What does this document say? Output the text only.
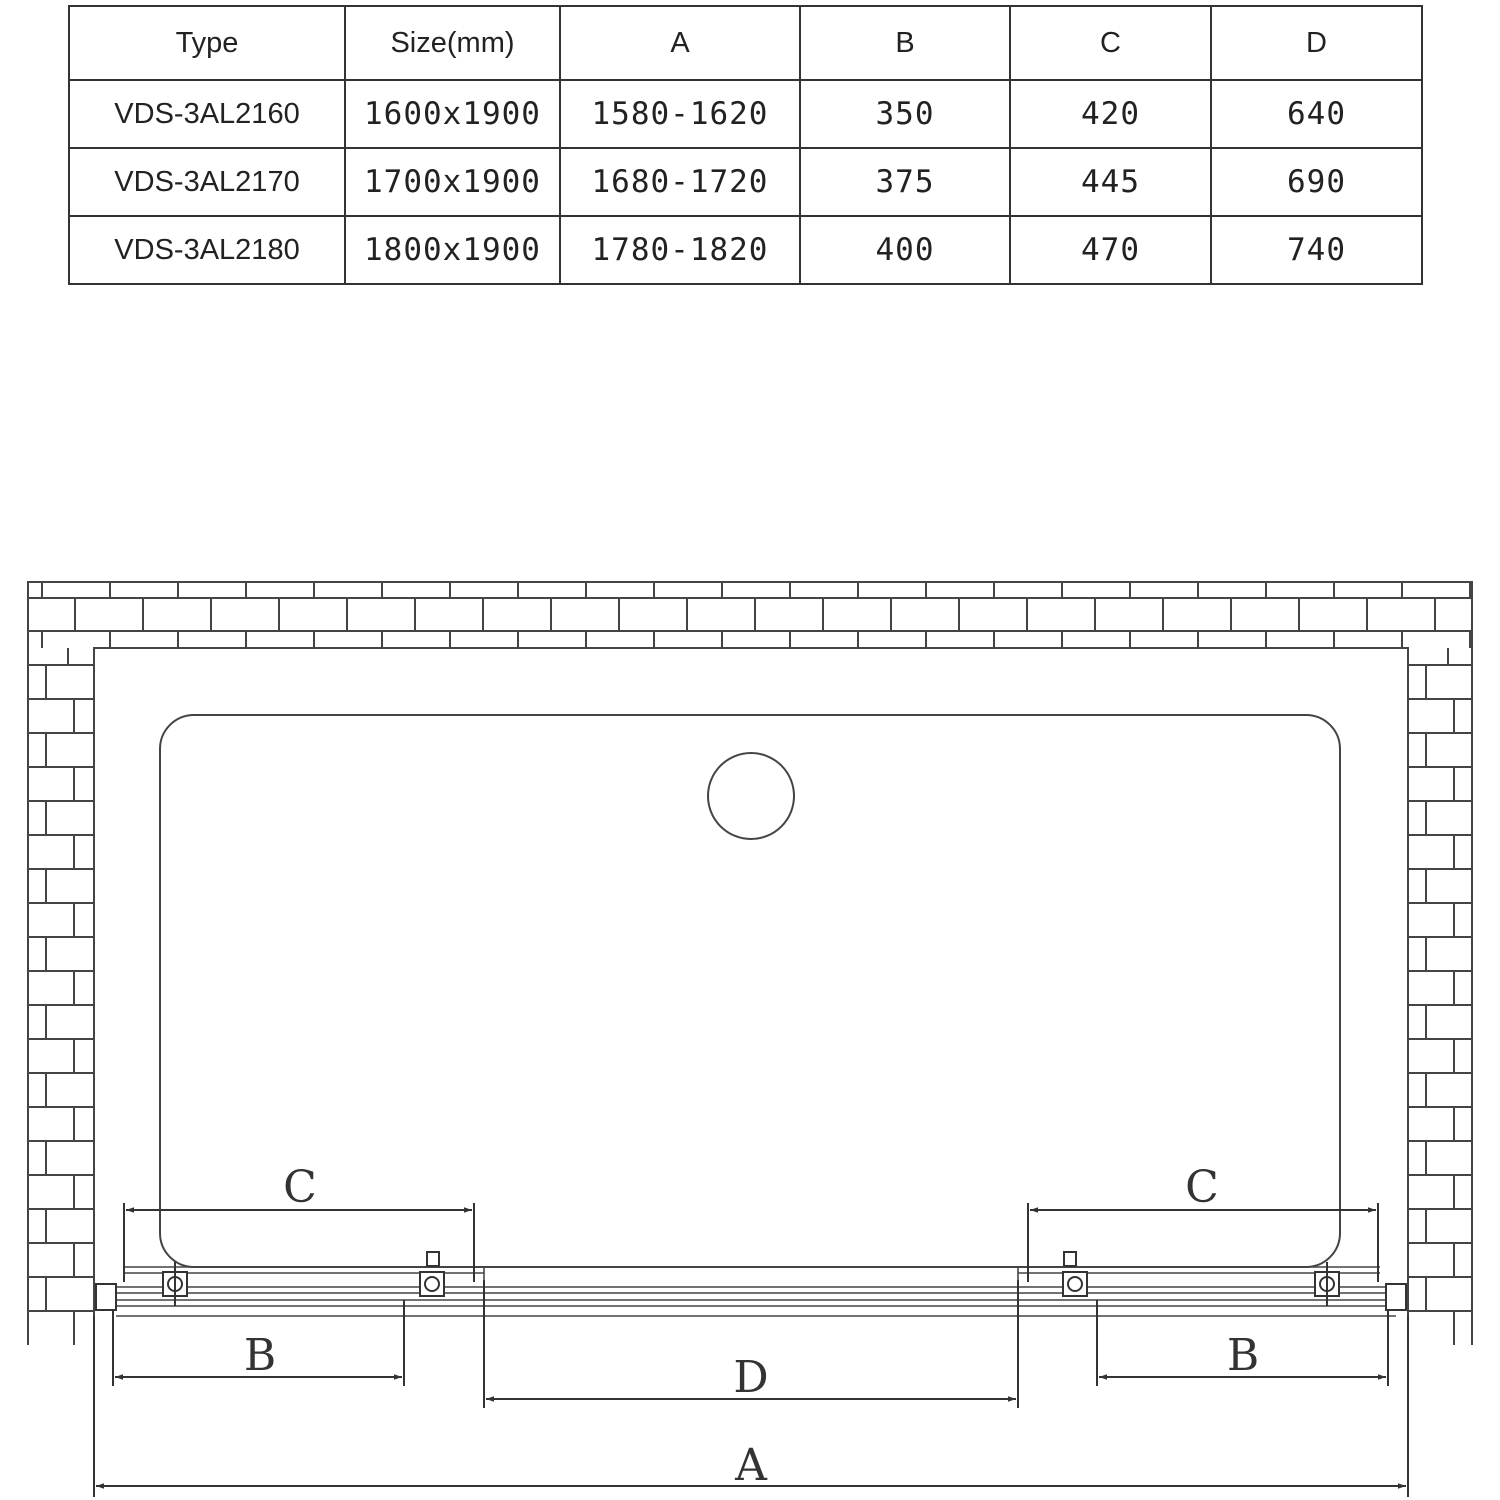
Type	Size(mm)	A	B	C	D
VDS-3AL2160	1600x1900	1580-1620	350	420	640
VDS-3AL2170	1700x1900	1680-1720	375	445	690
VDS-3AL2180	1800x1900	1780-1820	400	470	740
C	C
B	B
D
A
